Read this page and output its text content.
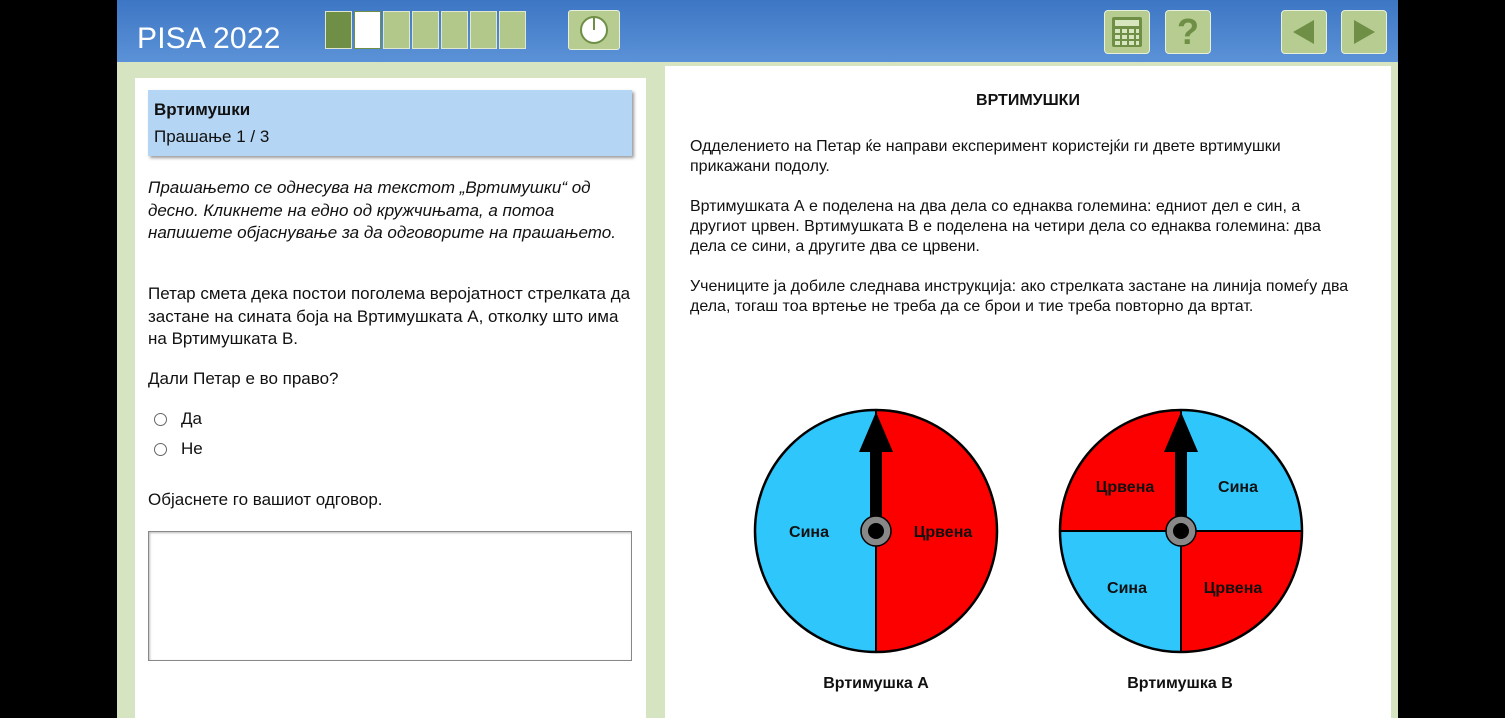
PISA 2022	?
Вртимушки
Прашање 1 / 3
Прашањето се однесува на текстот „Вртимушки“ од десно. Кликнете на едно од кружчињата, а потоа напишете објаснување за да одговорите на прашањето.
Петар смета дека постои поголема веројатност стрелката да застане на сината боја на Вртимушката А, отколку што има на Вртимушката В.
Дали Петар е во право?
Да
Не
Објаснете го вашиот одговор.
ВРТИМУШКИ
Одделението на Петар ќе направи експеримент користејќи ги двете вртимушки прикажани подолу.
Вртимушката А е поделена на два дела со еднаква големина: едниот дел е син, а другиот црвен. Вртимушката В е поделена на четири дела со еднаква големина: два дела се сини, а другите два се црвени.
Учениците ја добиле следнава инструкција: ако стрелката застане на линија помеѓу два дела, тогаш тоа вртење не треба да се брои и тие треба повторно да вртат.
Сина	Црвена
Црвена	Сина
Сина	Црвена
Вртимушка А	Вртимушка В
